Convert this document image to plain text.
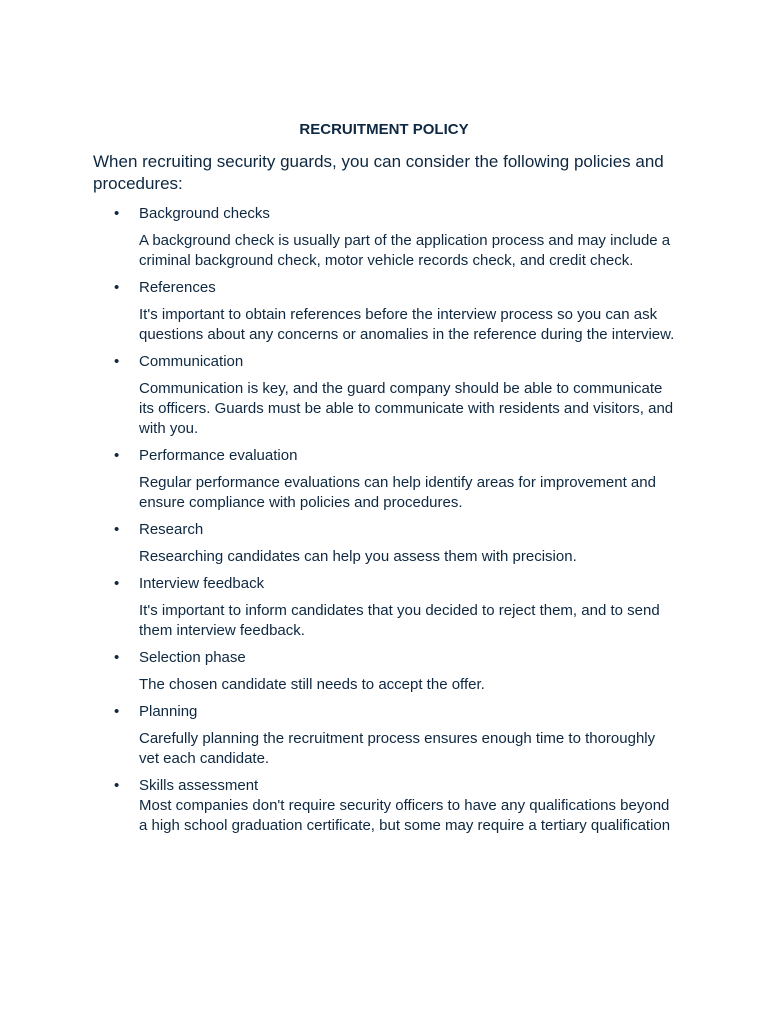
RECRUITMENT POLICY

When recruiting security guards, you can consider the following policies and procedures:

• Background checks
A background check is usually part of the application process and may include a criminal background check, motor vehicle records check, and credit check.
• References
It's important to obtain references before the interview process so you can ask questions about any concerns or anomalies in the reference during the interview.
• Communication
Communication is key, and the guard company should be able to communicate its officers. Guards must be able to communicate with residents and visitors, and with you.
• Performance evaluation
Regular performance evaluations can help identify areas for improvement and ensure compliance with policies and procedures.
• Research
Researching candidates can help you assess them with precision.
• Interview feedback
It's important to inform candidates that you decided to reject them, and to send them interview feedback.
• Selection phase
The chosen candidate still needs to accept the offer.
• Planning
Carefully planning the recruitment process ensures enough time to thoroughly vet each candidate.
• Skills assessment
Most companies don't require security officers to have any qualifications beyond a high school graduation certificate, but some may require a tertiary qualification
